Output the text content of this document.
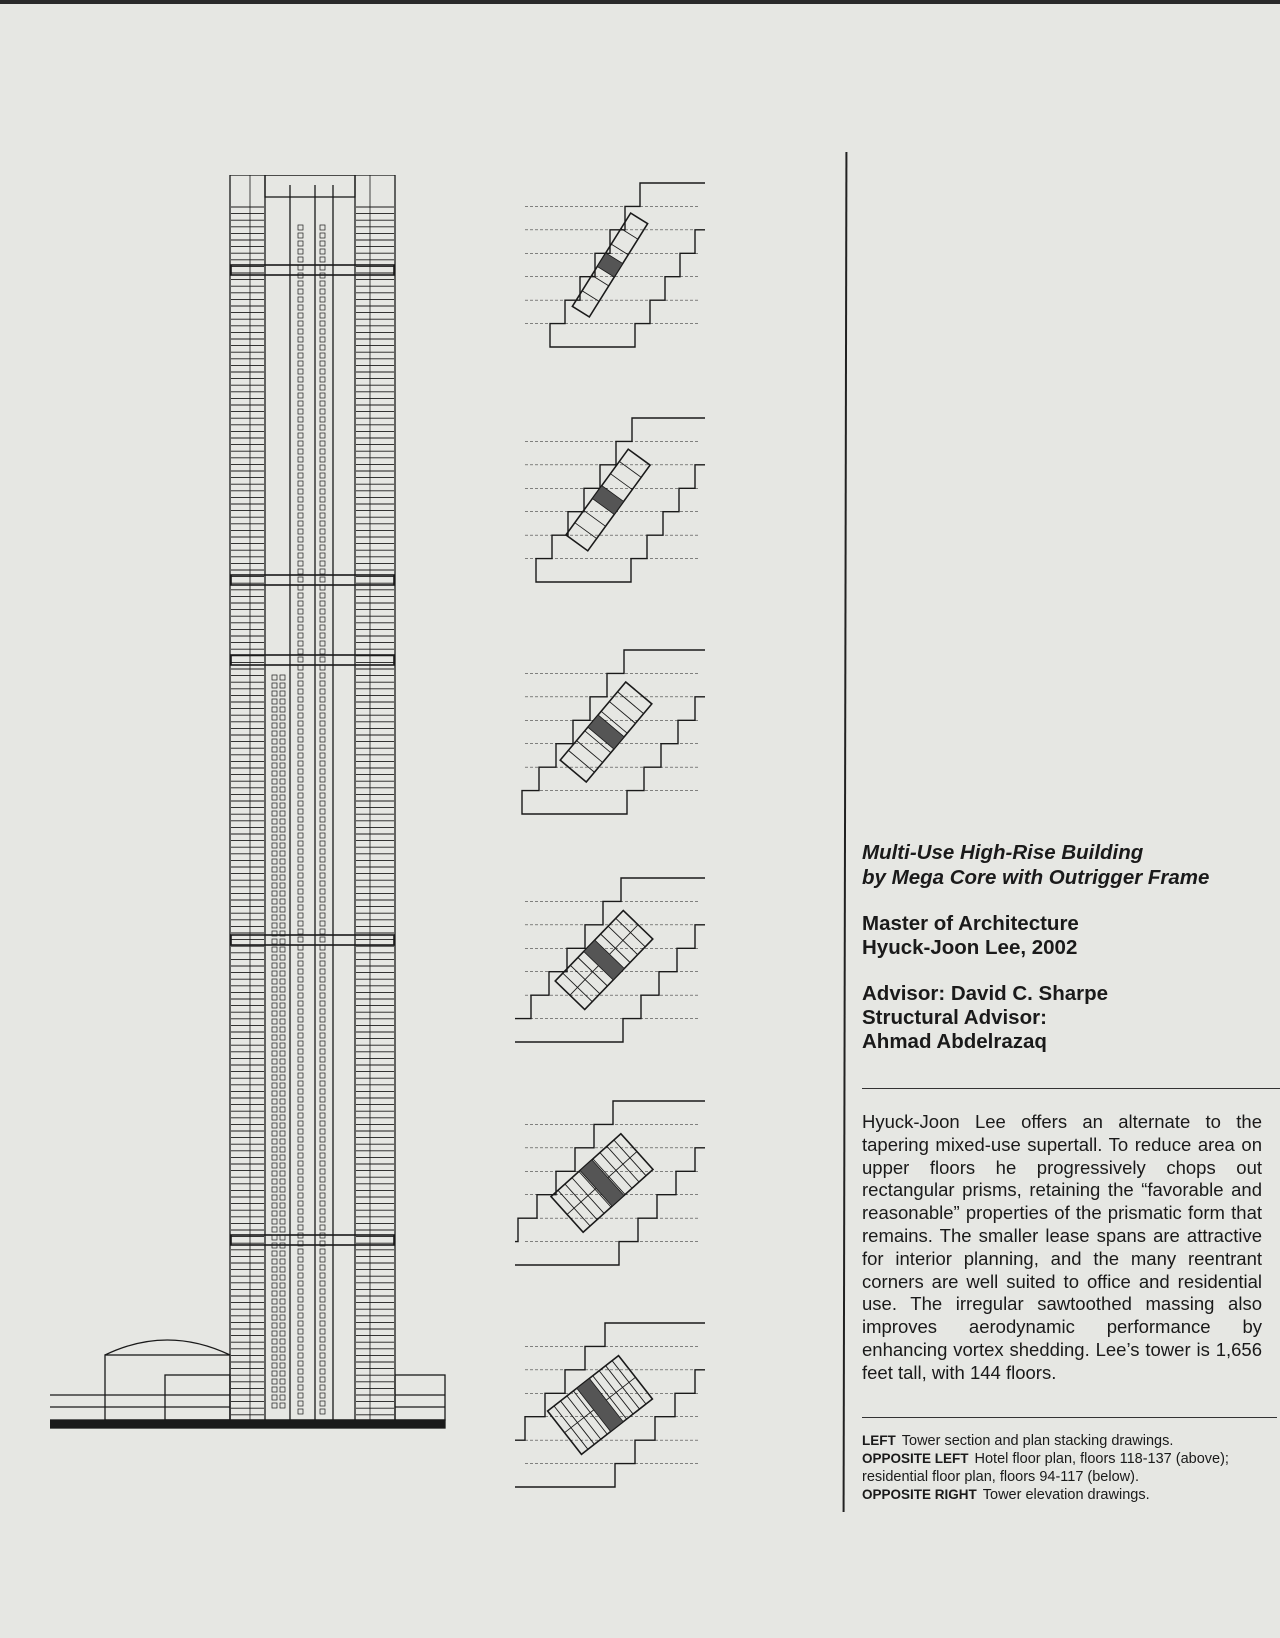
Multi-Use High-Rise Building
by Mega Core with Outrigger Frame

Master of Architecture
Hyuck-Joon Lee, 2002

Advisor: David C. Sharpe
Structural Advisor:
Ahmad Abdelrazaq

Hyuck-Joon Lee offers an alternate to the tapering mixed-use supertall. To reduce area on upper floors he progressively chops out rectangular prisms, retaining the “favorable and reasonable” properties of the prismatic form that remains. The smaller lease spans are attractive for interior planning, and the many reentrant corners are well suited to office and residential use. The irregular sawtoothed massing also improves aerodynamic performance by enhancing vortex shedding. Lee’s tower is 1,656 feet tall, with 144 floors.

LEFT Tower section and plan stacking drawings.
OPPOSITE LEFT Hotel floor plan, floors 118-137 (above); residential floor plan, floors 94-117 (below).
OPPOSITE RIGHT Tower elevation drawings.
